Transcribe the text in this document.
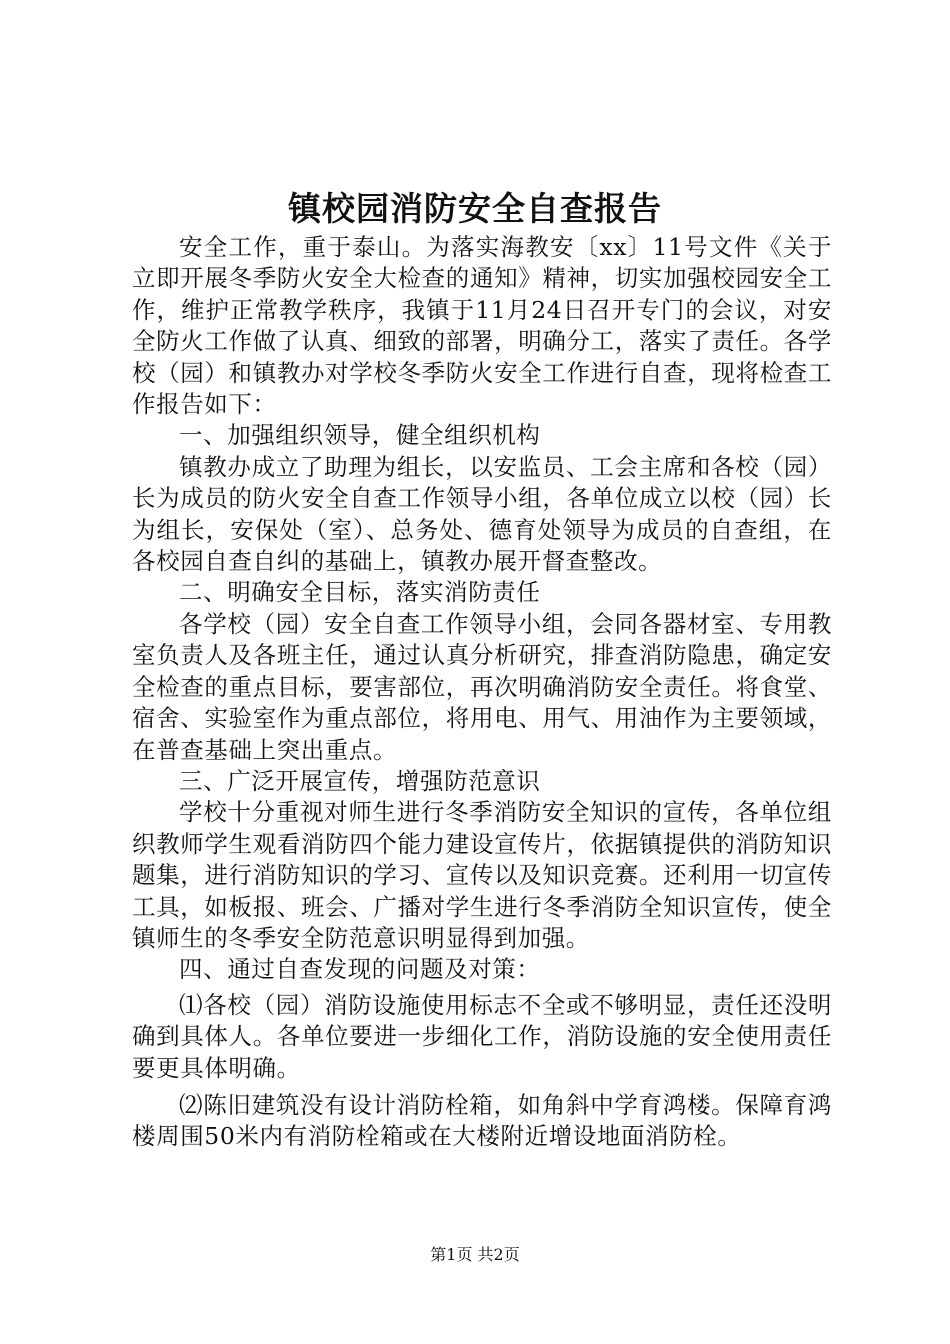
镇校园消防安全自查报告

安全工作，重于泰山。为落实海教安〔xx〕11号文件《关于立即开展冬季防火安全大检查的通知》精神，切实加强校园安全工作，维护正常教学秩序，我镇于11月24日召开专门的会议，对安全防火工作做了认真、细致的部署，明确分工，落实了责任。各学校（园）和镇教办对学校冬季防火安全工作进行自查，现将检查工作报告如下：

一、加强组织领导，健全组织机构

镇教办成立了助理为组长，以安监员、工会主席和各校（园）长为成员的防火安全自查工作领导小组，各单位成立以校（园）长为组长，安保处（室）、总务处、德育处领导为成员的自查组，在各校园自查自纠的基础上，镇教办展开督查整改。

二、明确安全目标，落实消防责任

各学校（园）安全自查工作领导小组，会同各器材室、专用教室负责人及各班主任，通过认真分析研究，排查消防隐患，确定安全检查的重点目标，要害部位，再次明确消防安全责任。将食堂、宿舍、实验室作为重点部位，将用电、用气、用油作为主要领域，在普查基础上突出重点。

三、广泛开展宣传，增强防范意识

学校十分重视对师生进行冬季消防安全知识的宣传，各单位组织教师学生观看消防四个能力建设宣传片，依据镇提供的消防知识题集，进行消防知识的学习、宣传以及知识竞赛。还利用一切宣传工具，如板报、班会、广播对学生进行冬季消防全知识宣传，使全镇师生的冬季安全防范意识明显得到加强。

四、通过自查发现的问题及对策：

⑴各校（园）消防设施使用标志不全或不够明显，责任还没明确到具体人。各单位要进一步细化工作，消防设施的安全使用责任要更具体明确。

⑵陈旧建筑没有设计消防栓箱，如角斜中学育鸿楼。保障育鸿楼周围50米内有消防栓箱或在大楼附近增设地面消防栓。

第1页 共2页
